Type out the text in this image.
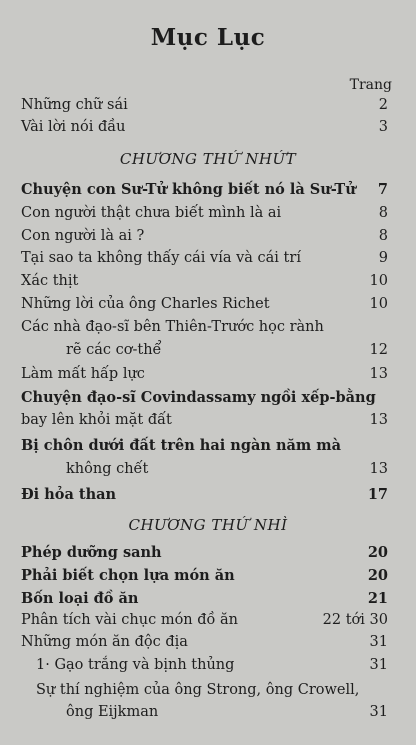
Mục Lục
Trang
Những chữ sái	2
Vài lời nói đầu	3
CHƯƠNG THỨ NHỨT
Chuyện con Sư-Tử không biết nó là Sư-Tử 7
Con người thật chưa biết mình là ai	8
Con người là ai ?	8
Tại sao ta không thấy cái vía và cái trí	9
Xác thịt	10
Những lời của ông Charles Richet	10
Các nhà đạo-sĩ bên Thiên-Trước học rành
rẽ các cơ-thể	12
Làm mất hấp lực	13
Chuyện đạo-sĩ Covindassamy ngồi xếp-bằng
bay lên khỏi mặt đất	13
Bị chôn dưới đất trên hai ngàn năm mà
không chết	13
Đi hỏa than	17
CHƯƠNG THỨ NHÌ
Phép dưỡng sanh	20
Phải biết chọn lựa món ăn	20
Bốn loại đồ ăn	21
Phân tích vài chục món đồ ăn	22 tới 30
Những món ăn độc địa	31
1· Gạo trắng và bịnh thủng	31
Sự thí nghiệm của ông Strong, ông Crowell,
ông Eijkman	31
